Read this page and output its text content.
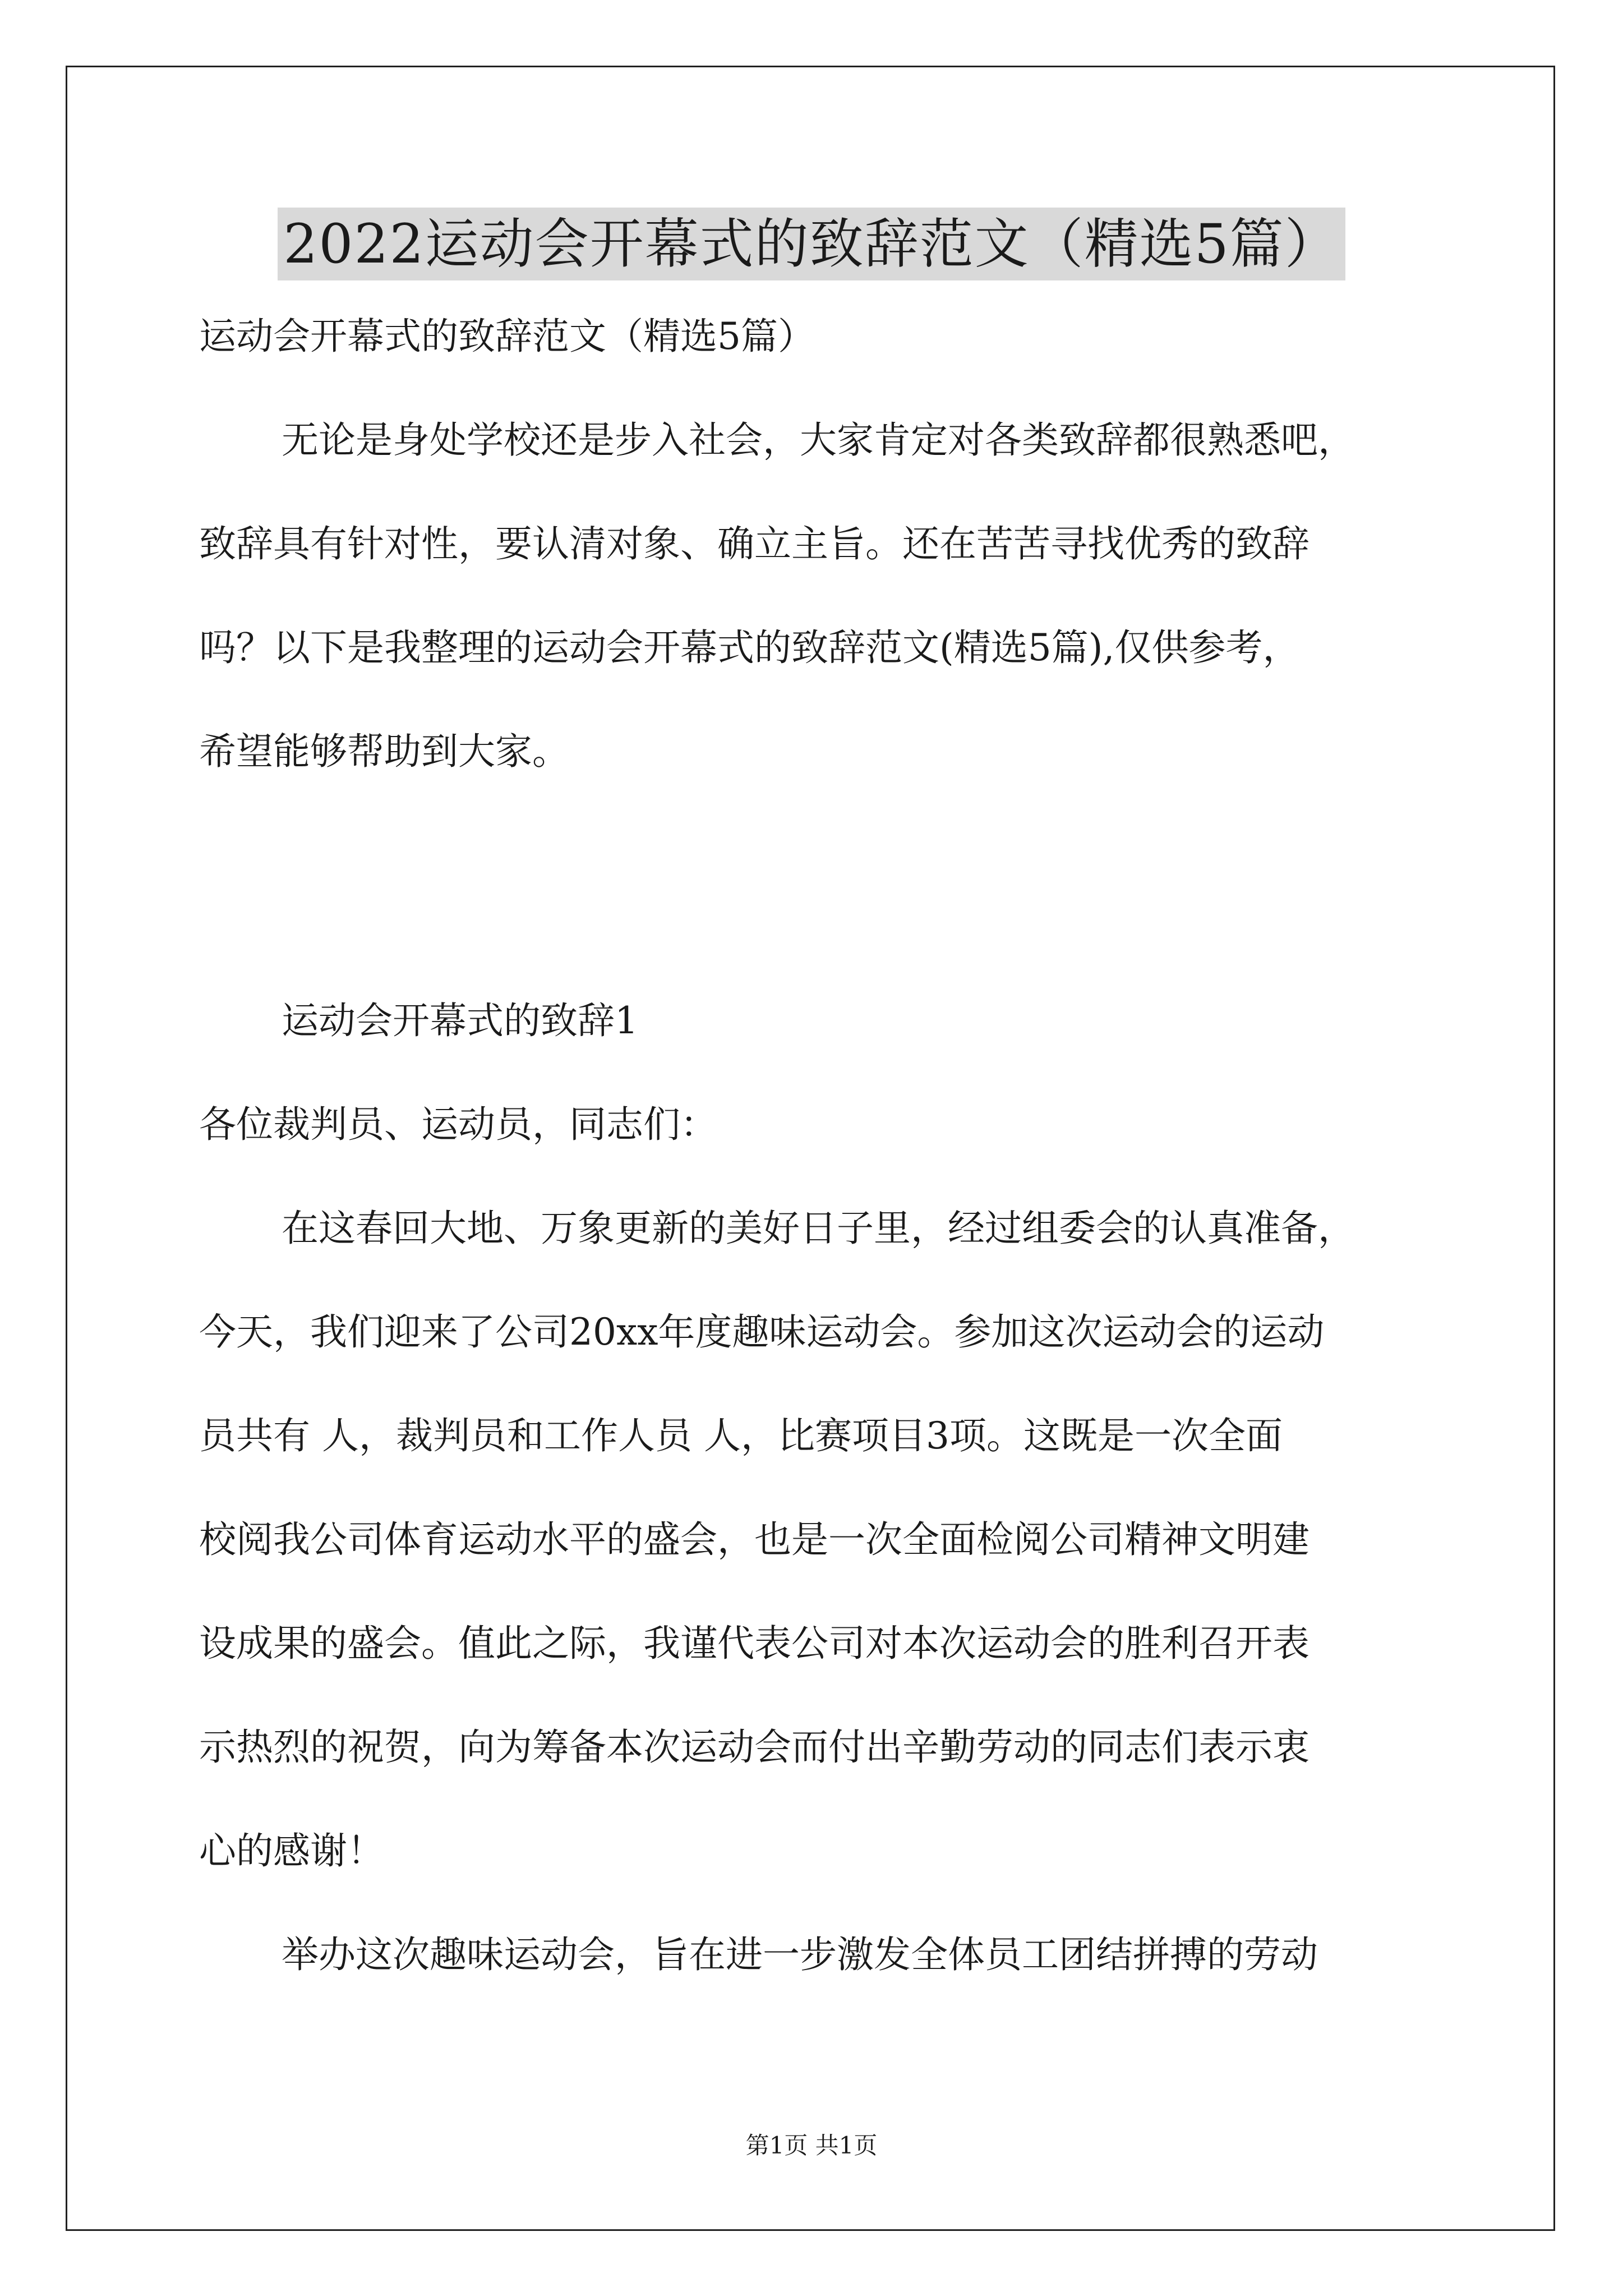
2022运动会开幕式的致辞范文（精选5篇）
运动会开幕式的致辞范文（精选5篇）
无论是身处学校还是步入社会，大家肯定对各类致辞都很熟悉吧，
致辞具有针对性，要认清对象、确立主旨。还在苦苦寻找优秀的致辞
吗？以下是我整理的运动会开幕式的致辞范文(精选5篇),仅供参考，
希望能够帮助到大家。
运动会开幕式的致辞1
各位裁判员、运动员，同志们：
在这春回大地、万象更新的美好日子里，经过组委会的认真准备，
今天，我们迎来了公司20xx年度趣味运动会。参加这次运动会的运动
员共有 人，裁判员和工作人员 人，比赛项目3项。这既是一次全面
校阅我公司体育运动水平的盛会，也是一次全面检阅公司精神文明建
设成果的盛会。值此之际，我谨代表公司对本次运动会的胜利召开表
示热烈的祝贺，向为筹备本次运动会而付出辛勤劳动的同志们表示衷
心的感谢！
举办这次趣味运动会，旨在进一步激发全体员工团结拼搏的劳动
第1页 共1页
